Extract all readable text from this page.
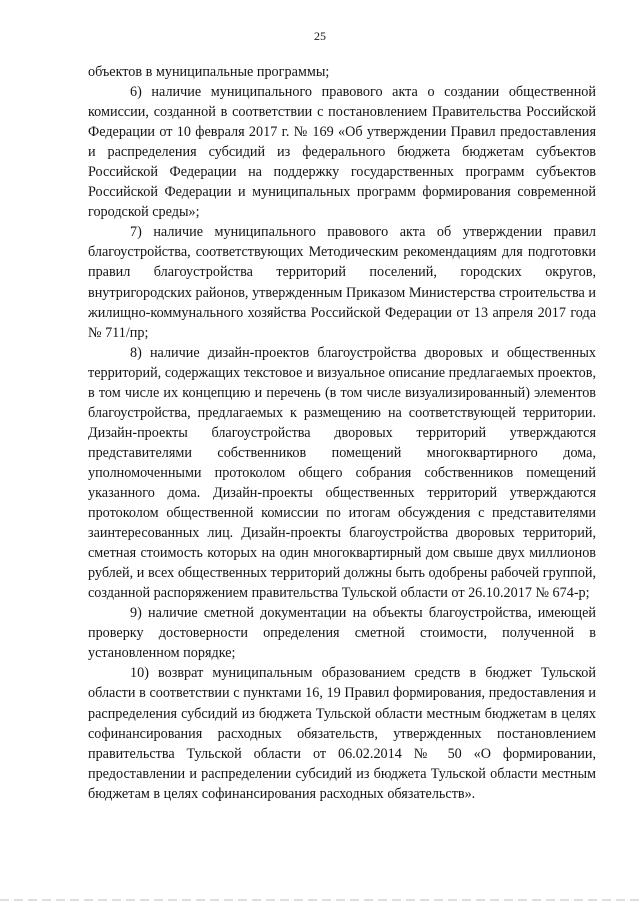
25

объектов в муниципальные программы;

6) наличие муниципального правового акта о создании общественной комиссии, созданной в соответствии с постановлением Правительства Российской Федерации от 10 февраля 2017 г. № 169 «Об утверждении Правил предоставления и распределения субсидий из федерального бюджета бюджетам субъектов Российской Федерации на поддержку государственных программ субъектов Российской Федерации и муниципальных программ формирования современной городской среды»;

7) наличие муниципального правового акта об утверждении правил благоустройства, соответствующих Методическим рекомендациям для подготовки правил благоустройства территорий поселений, городских округов, внутригородских районов, утвержденным Приказом Министерства строительства и жилищно-коммунального хозяйства Российской Федерации от 13 апреля 2017 года № 711/пр;

8) наличие дизайн-проектов благоустройства дворовых и общественных территорий, содержащих текстовое и визуальное описание предлагаемых проектов, в том числе их концепцию и перечень (в том числе визуализированный) элементов благоустройства, предлагаемых к размещению на соответствующей территории. Дизайн-проекты благоустройства дворовых территорий утверждаются представителями собственников помещений многоквартирного дома, уполномоченными протоколом общего собрания собственников помещений указанного дома. Дизайн-проекты общественных территорий утверждаются протоколом общественной комиссии по итогам обсуждения с представителями заинтересованных лиц. Дизайн-проекты благоустройства дворовых территорий, сметная стоимость которых на один многоквартирный дом свыше двух миллионов рублей, и всех общественных территорий должны быть одобрены рабочей группой, созданной распоряжением правительства Тульской области от 26.10.2017 № 674-р;

9) наличие сметной документации на объекты благоустройства, имеющей проверку достоверности определения сметной стоимости, полученной в установленном порядке;

10) возврат муниципальным образованием средств в бюджет Тульской области в соответствии с пунктами 16, 19 Правил формирования, предоставления и распределения субсидий из бюджета Тульской области местным бюджетам в целях софинансирования расходных обязательств, утвержденных постановлением правительства Тульской области от 06.02.2014 № 50 «О формировании, предоставлении и распределении субсидий из бюджета Тульской области местным бюджетам в целях софинансирования расходных обязательств».
